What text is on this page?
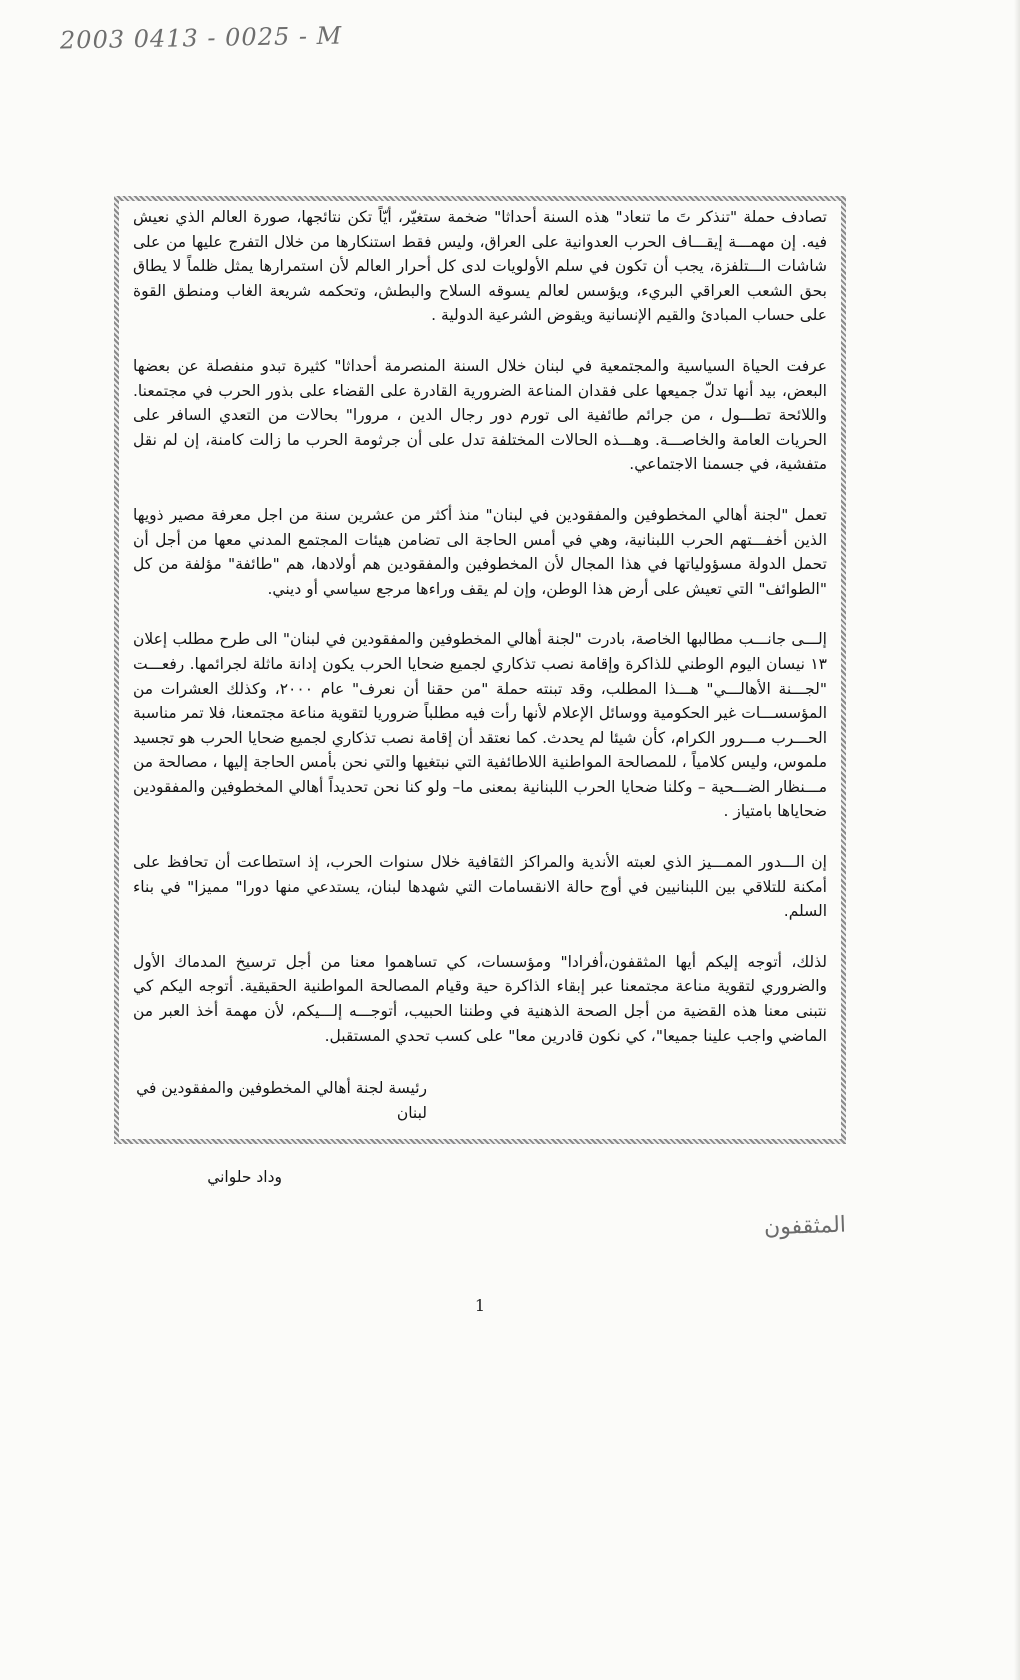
2003 0413 - 0025 - M

تصادف حملة "تنذكر تَ ما تنعاد" هذه السنة أحداثا" ضخمة ستغيّر، أيّاً تكن نتائجها، صورة العالم الذي نعيش فيه. إن مهمـــة إيقـــاف الحرب العدوانية على العراق، وليس فقط استنكارها من خلال التفرج عليها من على شاشات الـــتلفزة، يجب أن تكون في سلم الأولويات لدى كل أحرار العالم لأن استمرارها يمثل ظلماً لا يطاق بحق الشعب العراقي البريء، ويؤسس لعالم يسوقه السلاح والبطش، وتحكمه شريعة الغاب ومنطق القوة على حساب المبادئ والقيم الإنسانية ويقوض الشرعية الدولية .

عرفت الحياة السياسية والمجتمعية في لبنان خلال السنة المنصرمة أحداثا" كثيرة تبدو منفصلة عن بعضها البعض، بيد أنها تدلّ جميعها على فقدان المناعة الضرورية القادرة على القضاء على بذور الحرب في مجتمعنا. واللائحة تطـــول ، من جرائم طائفية الى تورم دور رجال الدين ، مرورا" بحالات من التعدي السافر على الحريات العامة والخاصـــة. وهـــذه الحالات المختلفة تدل على أن جرثومة الحرب ما زالت كامنة، إن لم نقل متفشية، في جسمنا الاجتماعي.

تعمل "لجنة أهالي المخطوفين والمفقودين في لبنان" منذ أكثر من عشرين سنة من اجل معرفة مصير ذويها الذين أخفـــتهم الحرب اللبنانية، وهي في أمس الحاجة الى تضامن هيئات المجتمع المدني معها من أجل أن تحمل الدولة مسؤولياتها في هذا المجال لأن المخطوفين والمفقودين هم أولادها، هم "طائفة" مؤلفة من كل "الطوائف" التي تعيش على أرض هذا الوطن، وإن لم يقف وراءها مرجع سياسي أو ديني.

إلـــى جانـــب مطالبها الخاصة، بادرت "لجنة أهالي المخطوفين والمفقودين في لبنان" الى طرح مطلب إعلان ١٣ نيسان اليوم الوطني للذاكرة وإقامة نصب تذكاري لجميع ضحايا الحرب يكون إدانة ماثلة لجرائمها. رفعـــت "لجـــنة الأهالـــي" هـــذا المطلب، وقد تبنته حملة "من حقنا أن نعرف" عام ٢٠٠٠، وكذلك العشرات من المؤسســـات غير الحكومية ووسائل الإعلام لأنها رأت فيه مطلباً ضروريا لتقوية مناعة مجتمعنا، فلا تمر مناسبة الحـــرب مـــرور الكرام، كأن شيئا لم يحدث. كما نعتقد أن إقامة نصب تذكاري لجميع ضحايا الحرب هو تجسيد ملموس، وليس كلامياً ، للمصالحة المواطنية اللاطائفية التي نبتغيها والتي نحن بأمس الحاجة إليها ، مصالحة من مـــنظار الضـــحية – وكلنا ضحايا الحرب اللبنانية بمعنى ما– ولو كنا نحن تحديداً أهالي المخطوفين والمفقودين ضحاياها بامتياز .

إن الـــدور الممـــيز الذي لعبته الأندية والمراكز الثقافية خلال سنوات الحرب، إذ استطاعت أن تحافظ على أمكنة للتلاقي بين اللبنانيين في أوج حالة الانقسامات التي شهدها لبنان، يستدعي منها دورا" مميزا" في بناء السلم.

لذلك، أتوجه إليكم أيها المثقفون،أفرادا" ومؤسسات، كي تساهموا معنا من أجل ترسيخ المدماك الأول والضروري لتقوية مناعة مجتمعنا عبر إبقاء الذاكرة حية وقيام المصالحة المواطنية الحقيقية. أتوجه اليكم كي نتبنى معنا هذه القضية من أجل الصحة الذهنية في وطننا الحبيب، أتوجـــه إلـــيكم، لأن مهمة أخذ العبر من الماضي واجب علينا جميعا"، كي نكون قادرين معا" على كسب تحدي المستقبل.

رئيسة لجنة أهالي المخطوفين والمفقودين في لبنان
وداد حلواني
المثقفون
1
